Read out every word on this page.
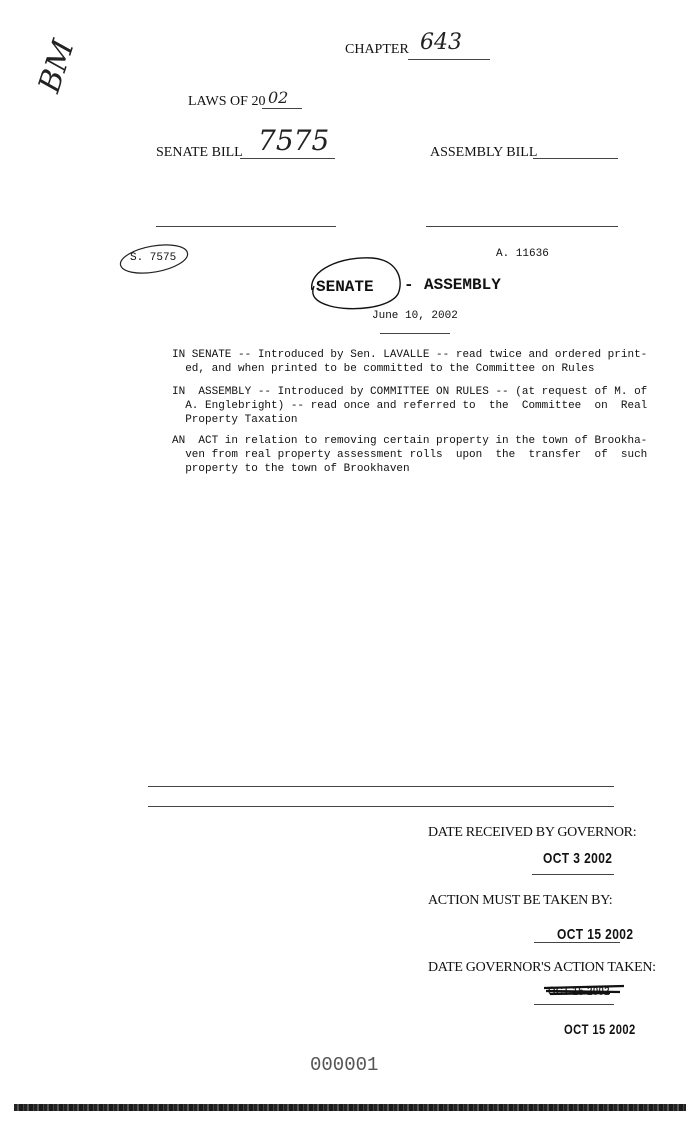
BM	CHAPTER 643
LAWS OF 20 02
SENATE BILL 7575	ASSEMBLY BILL
S. 7575	A. 11636
SENATE - ASSEMBLY
June 10, 2002
IN SENATE -- Introduced by Sen. LAVALLE -- read twice and ordered print-
ed, and when printed to be committed to the Committee on Rules
IN  ASSEMBLY -- Introduced by COMMITTEE ON RULES -- (at request of M. of
A. Englebright) -- read once and referred to  the  Committee  on  Real
Property Taxation
AN  ACT in relation to removing certain property in the town of Brookha-
ven from real property assessment rolls  upon  the  transfer  of  such
property to the town of Brookhaven
DATE RECEIVED BY GOVERNOR:
OCT 3 2002
ACTION MUST BE TAKEN BY:
OCT 15 2002
DATE GOVERNOR'S ACTION TAKEN:
OCT 15 2002
OCT 15 2002
000001
